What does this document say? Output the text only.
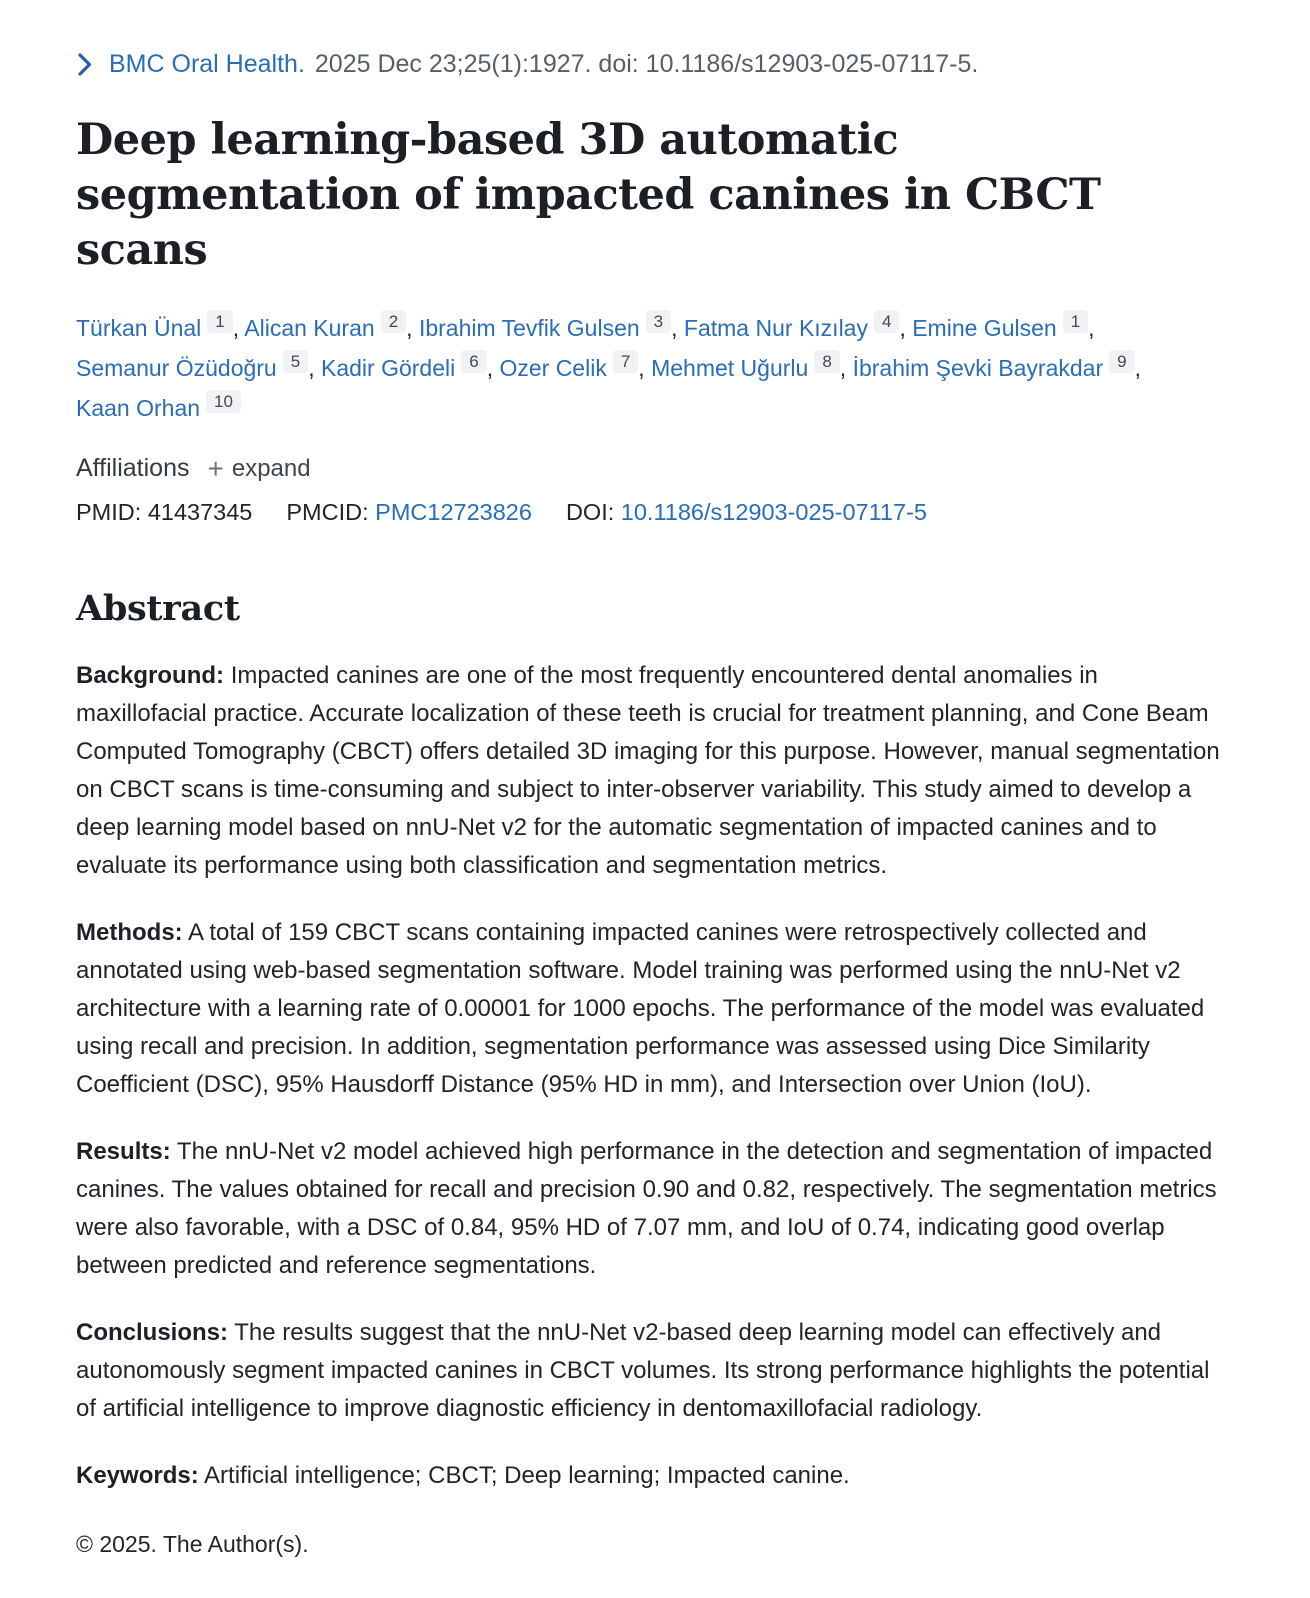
BMC Oral Health. 2025 Dec 23;25(1):1927. doi: 10.1186/s12903-025-07117-5.
Deep learning-based 3D automatic segmentation of impacted canines in CBCT scans
Türkan Ünal $^1$ , Alican Kuran $^2$ , Ibrahim Tevfik Gulsen $^3$ , Fatma Nur Kızılay $^4$ , Emine Gulsen $^1$ , Semanur Özüdoğru $^5$ , Kadir Gördeli $^6$ , Ozer Celik $^7$ , Mehmet Uğurlu $^8$ , İbrahim Şevki Bayrakdar $^9$ , Kaan Orhan $^{10}$
Affiliations + expand
PMID: 41437345 PMCID: PMC12723826 DOI: 10.1186/s12903-025-07117-5
Abstract

Background: Impacted canines are one of the most frequently encountered dental anomalies in maxillofacial practice. Accurate localization of these teeth is crucial for treatment planning, and Cone Beam Computed Tomography (CBCT) offers detailed 3D imaging for this purpose. However, manual segmentation on CBCT scans is time-consuming and subject to inter-observer variability. This study aimed to develop a deep learning model based on nnU-Net v2 for the automatic segmentation of impacted canines and to evaluate its performance using both classification and segmentation metrics.

Methods: A total of 159 CBCT scans containing impacted canines were retrospectively collected and annotated using web-based segmentation software. Model training was performed using the nnU-Net v2 architecture with a learning rate of 0.00001 for 1000 epochs. The performance of the model was evaluated using recall and precision. In addition, segmentation performance was assessed using Dice Similarity Coefficient (DSC), 95% Hausdorff Distance (95% HD in mm), and Intersection over Union (IoU).

Results: The nnU-Net v2 model achieved high performance in the detection and segmentation of impacted canines. The values obtained for recall and precision 0.90 and 0.82, respectively. The segmentation metrics were also favorable, with a DSC of 0.84, 95% HD of 7.07 mm, and IoU of 0.74, indicating good overlap between predicted and reference segmentations.

Conclusions: The results suggest that the nnU-Net v2-based deep learning model can effectively and autonomously segment impacted canines in CBCT volumes. Its strong performance highlights the potential of artificial intelligence to improve diagnostic efficiency in dentomaxillofacial radiology.

Keywords: Artificial intelligence; CBCT; Deep learning; Impacted canine.

© 2025. The Author(s).
